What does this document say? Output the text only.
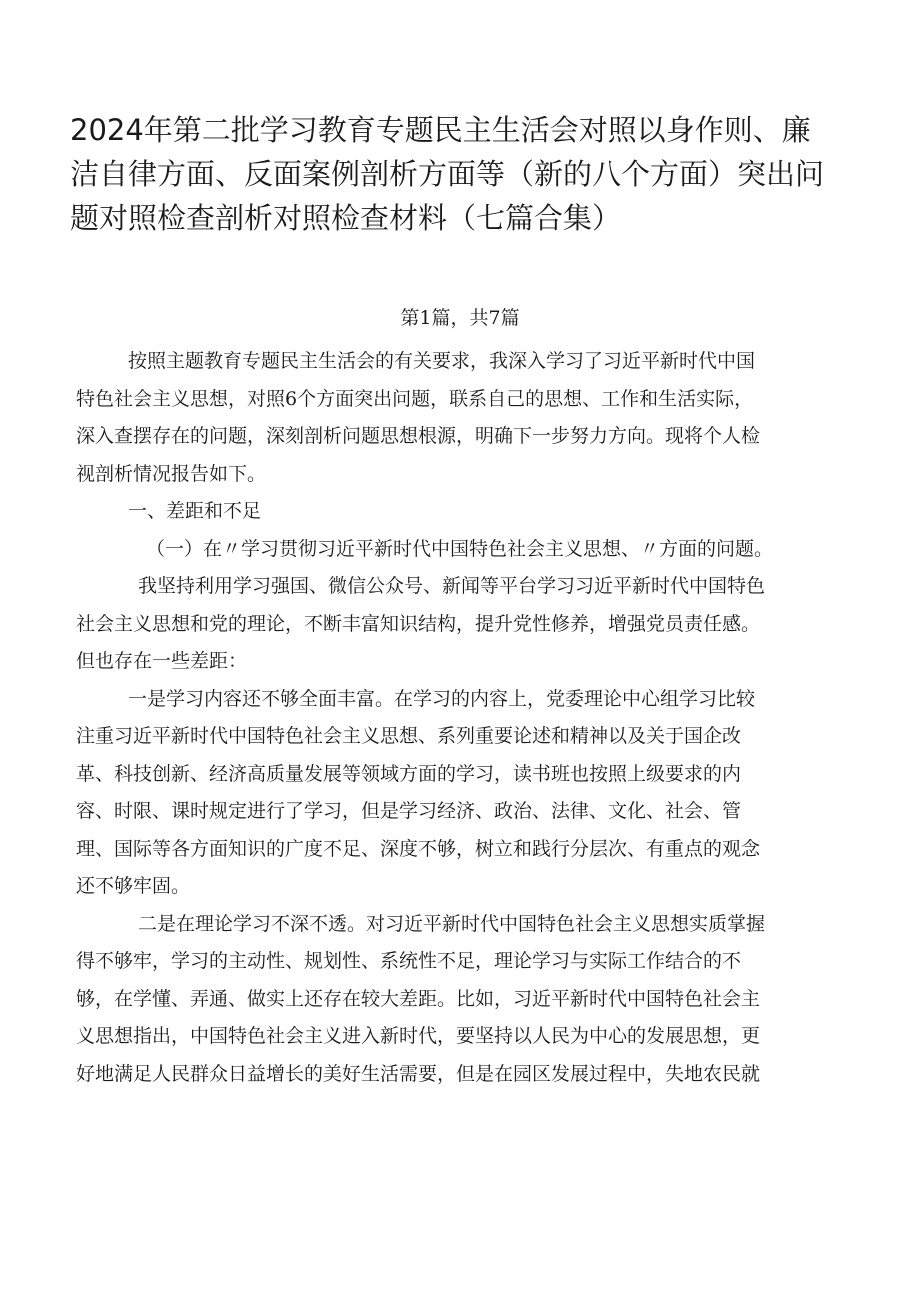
2024年第二批学习教育专题民主生活会对照以身作则、廉
洁自律方面、反面案例剖析方面等（新的八个方面）突出问
题对照检查剖析对照检查材料（七篇合集）
第1篇，共7篇

按照主题教育专题民主生活会的有关要求，我深入学习了习近平新时代中国
特色社会主义思想，对照6个方面突出问题，联系自己的思想、工作和生活实际，
深入查摆存在的问题，深刻剖析问题思想根源，明确下一步努力方向。现将个人检
视剖析情况报告如下。

一、差距和不足

（一）在〃学习贯彻习近平新时代中国特色社会主义思想、〃方面的问题。

我坚持利用学习强国、微信公众号、新闻等平台学习习近平新时代中国特色
社会主义思想和党的理论，不断丰富知识结构，提升党性修养，增强党员责任感。
但也存在一些差距：

一是学习内容还不够全面丰富。在学习的内容上，党委理论中心组学习比较
注重习近平新时代中国特色社会主义思想、系列重要论述和精神以及关于国企改
革、科技创新、经济高质量发展等领域方面的学习，读书班也按照上级要求的内
容、时限、课时规定进行了学习，但是学习经济、政治、法律、文化、社会、管
理、国际等各方面知识的广度不足、深度不够，树立和践行分层次、有重点的观念
还不够牢固。

二是在理论学习不深不透。对习近平新时代中国特色社会主义思想实质掌握
得不够牢，学习的主动性、规划性、系统性不足，理论学习与实际工作结合的不
够，在学懂、弄通、做实上还存在较大差距。比如，习近平新时代中国特色社会主
义思想指出，中国特色社会主义进入新时代，要坚持以人民为中心的发展思想，更
好地满足人民群众日益增长的美好生活需要，但是在园区发展过程中，失地农民就
